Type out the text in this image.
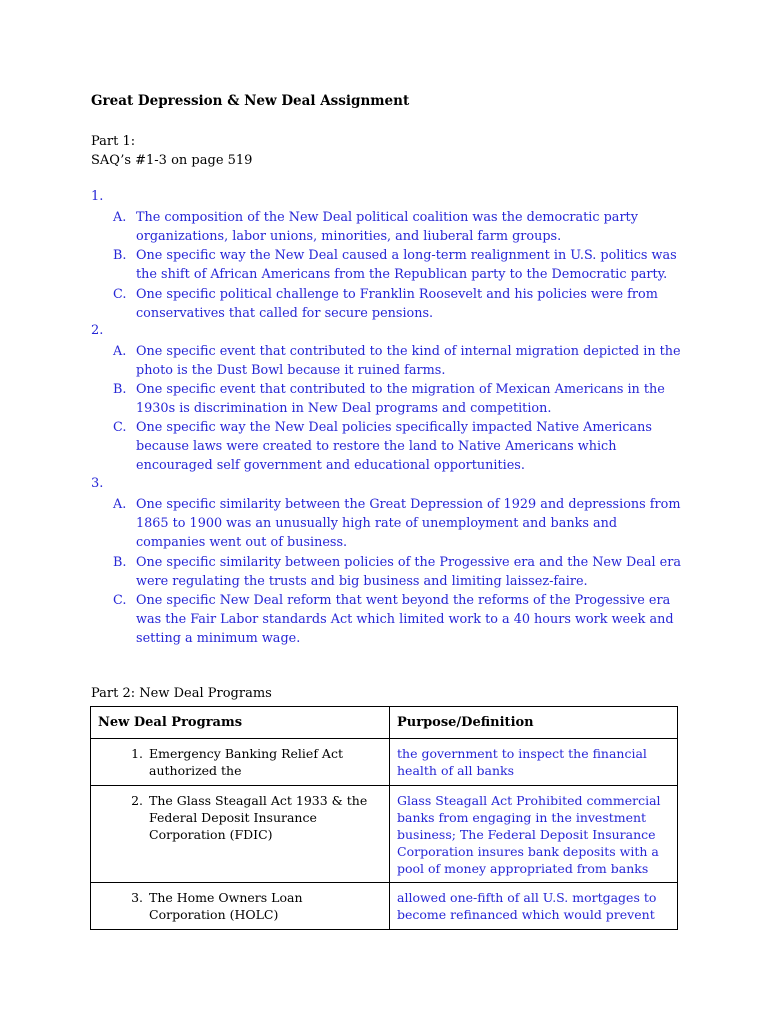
Great Depression & New Deal Assignment
Part 1:
SAQ’s #1-3 on page 519
1.
A. The composition of the New Deal political coalition was the democratic party organizations, labor unions, minorities, and liuberal farm groups.
B. One specific way the New Deal caused a long-term realignment in U.S. politics was the shift of African Americans from the Republican party to the Democratic party.
C. One specific political challenge to Franklin Roosevelt and his policies were from conservatives that called for secure pensions.
2.
A. One specific event that contributed to the kind of internal migration depicted in the photo is the Dust Bowl because it ruined farms.
B. One specific event that contributed to the migration of Mexican Americans in the 1930s is discrimination in New Deal programs and competition.
C. One specific way the New Deal policies specifically impacted Native Americans because laws were created to restore the land to Native Americans which encouraged self government and educational opportunities.
3.
A. One specific similarity between the Great Depression of 1929 and depressions from 1865 to 1900 was an unusually high rate of unemployment and banks and companies went out of business.
B. One specific similarity between policies of the Progessive era and the New Deal era were regulating the trusts and big business and limiting laissez-faire.
C. One specific New Deal reform that went beyond the reforms of the Progessive era was the Fair Labor standards Act which limited work to a 40 hours work week and setting a minimum wage.
Part 2: New Deal Programs
New Deal Programs	Purpose/Definition

1. Emergency Banking Relief Act authorized the	the government to inspect the financial health of all banks

2. The Glass Steagall Act 1933 & the Federal Deposit Insurance Corporation (FDIC)	Glass Steagall Act Prohibited commercial banks from engaging in the investment business; The Federal Deposit Insurance Corporation insures bank deposits with a pool of money appropriated from banks

3. The Home Owners Loan Corporation (HOLC)	allowed one-fifth of all U.S. mortgages to become refinanced which would prevent
